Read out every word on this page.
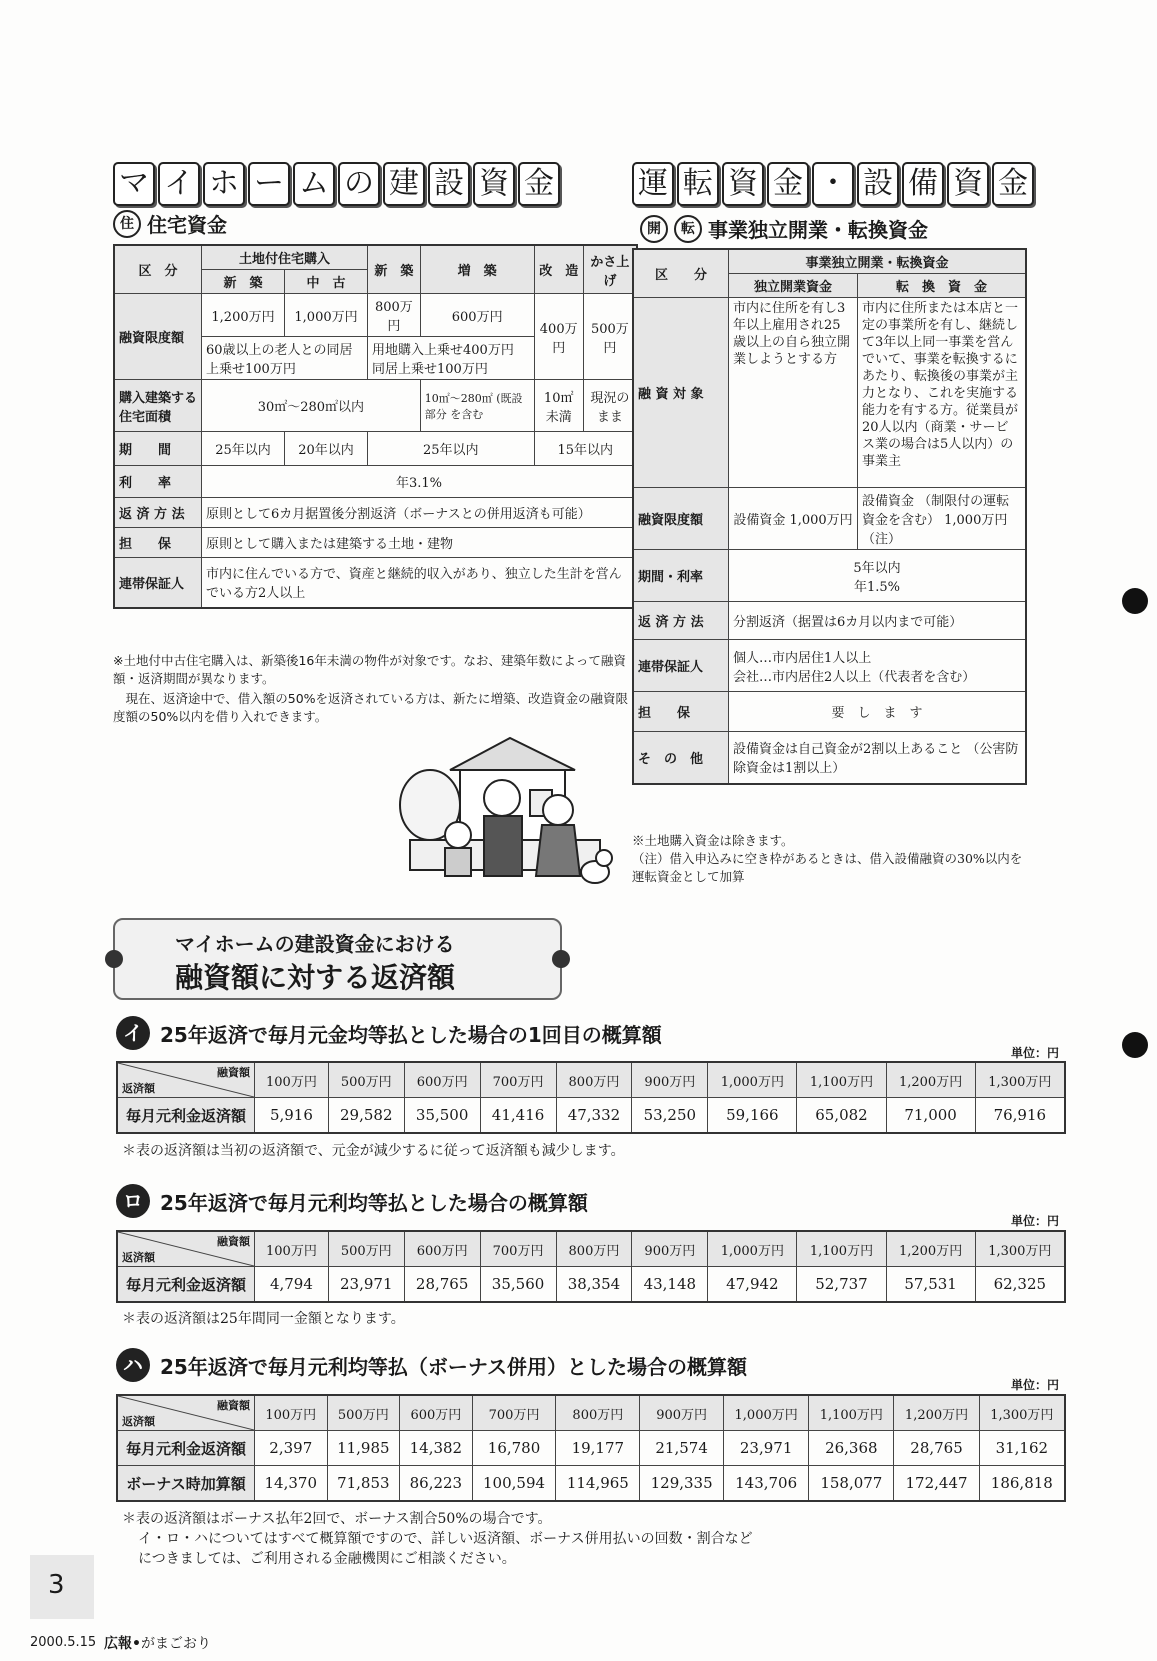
マ イ ホ ー ム の 建 設 資 金
住 住宅資金
区　分	土地付住宅購入		新　築	増　築	改　造	かさ上げ
	新　築	中　古				
融資限度額	1,200万円	1,000万円	800万円	600万円	400万円	500万円
	60歳以上の老人との同居上乗せ100万円		用地購入上乗せ400万円 同居上乗せ100万円			
購入建築する住宅面積	30㎡～280㎡以内			10㎡～280㎡ (既設部分 を含む	10㎡未満	現況のまま
期　　間	25年以内	20年以内	25年以内		15年以内	
利　　率	年3.1%					
返 済 方 法	原則として6カ月据置後分割返済（ボーナスとの併用返済も可能）					
担　　保	原則として購入または建築する土地・建物					
連帯保証人	市内に住んでいる方で、資産と継続的収入があり、独立した生計を営んでいる方2人以上					
※土地付中古住宅購入は、新築後16年未満の物件が対象です。なお、建築年数によって融資額・返済期間が異なります。
現在、返済途中で、借入額の50%を返済されている方は、新たに増築、改造資金の融資限度額の50%以内を借り入れできます。
運 転 資 金 ・ 設 備 資 金
開	転 事業独立開業・転換資金
区　　分	事業独立開業・転換資金	
	独立開業資金	転　換　資　金
融 資 対 象	市内に住所を有し3年以上雇用され25歳以上の自ら独立開業しようとする方	市内に住所または本店と一定の事業所を有し、継続して3年以上同一事業を営んでいて、事業を転換するにあたり、転換後の事業が主力となり、これを実施する能力を有する方。従業員が20人以内（商業・サービス業の場合は5人以内）の事業主
融資限度額	設備資金 1,000万円	設備資金 （制限付の運転資金を含む） 1,000万円（注）
期間・利率	5年以内
年1.5%	

返 済 方 法	分割返済（据置は6カ月以内まで可能）	
連帯保証人	個人…市内居住1人以上
会社…市内居住2人以上（代表者を含む）	

担　　保	要　し　ま　す	
そ　の　他	設備資金は自己資金が2割以上あること （公害防除資金は1割以上）	
※土地購入資金は除きます。
（注）借入申込みに空き枠があるときは、借入設備融資の30%以内を運転資金として加算
マイホームの建設資金における
融資額に対する返済額
イ 25年返済で毎月元金均等払とした場合の1回目の概算額
単位：円
融資額
返済額	100万円	500万円	600万円	700万円	800万円	900万円	1,000万円	1,100万円	1,200万円	1,300万円
毎月元利金返済額	5,916	29,582	35,500	41,416	47,332	53,250	59,166	65,082	71,000	76,916
＊表の返済額は当初の返済額で、元金が減少するに従って返済額も減少します。
ロ 25年返済で毎月元利均等払とした場合の概算額
単位：円
融資額
返済額	100万円	500万円	600万円	700万円	800万円	900万円	1,000万円	1,100万円	1,200万円	1,300万円
毎月元利金返済額	4,794	23,971	28,765	35,560	38,354	43,148	47,942	52,737	57,531	62,325
＊表の返済額は25年間同一金額となります。
ハ 25年返済で毎月元利均等払（ボーナス併用）とした場合の概算額
単位：円
融資額
返済額	100万円	500万円	600万円	700万円	800万円	900万円	1,000万円	1,100万円	1,200万円	1,300万円
毎月元利金返済額	2,397	11,985	14,382	16,780	19,177	21,574	23,971	26,368	28,765	31,162
ボーナス時加算額	14,370	71,853	86,223	100,594	114,965	129,335	143,706	158,077	172,447	186,818
＊表の返済額はボーナス払年2回で、ボーナス割合50%の場合です。
イ・ロ・ハについてはすべて概算額ですので、詳しい返済額、ボーナス併用払いの回数・割合など
につきましては、ご利用される金融機関にご相談ください。
3
2000.5.15 広報•がまごおり
